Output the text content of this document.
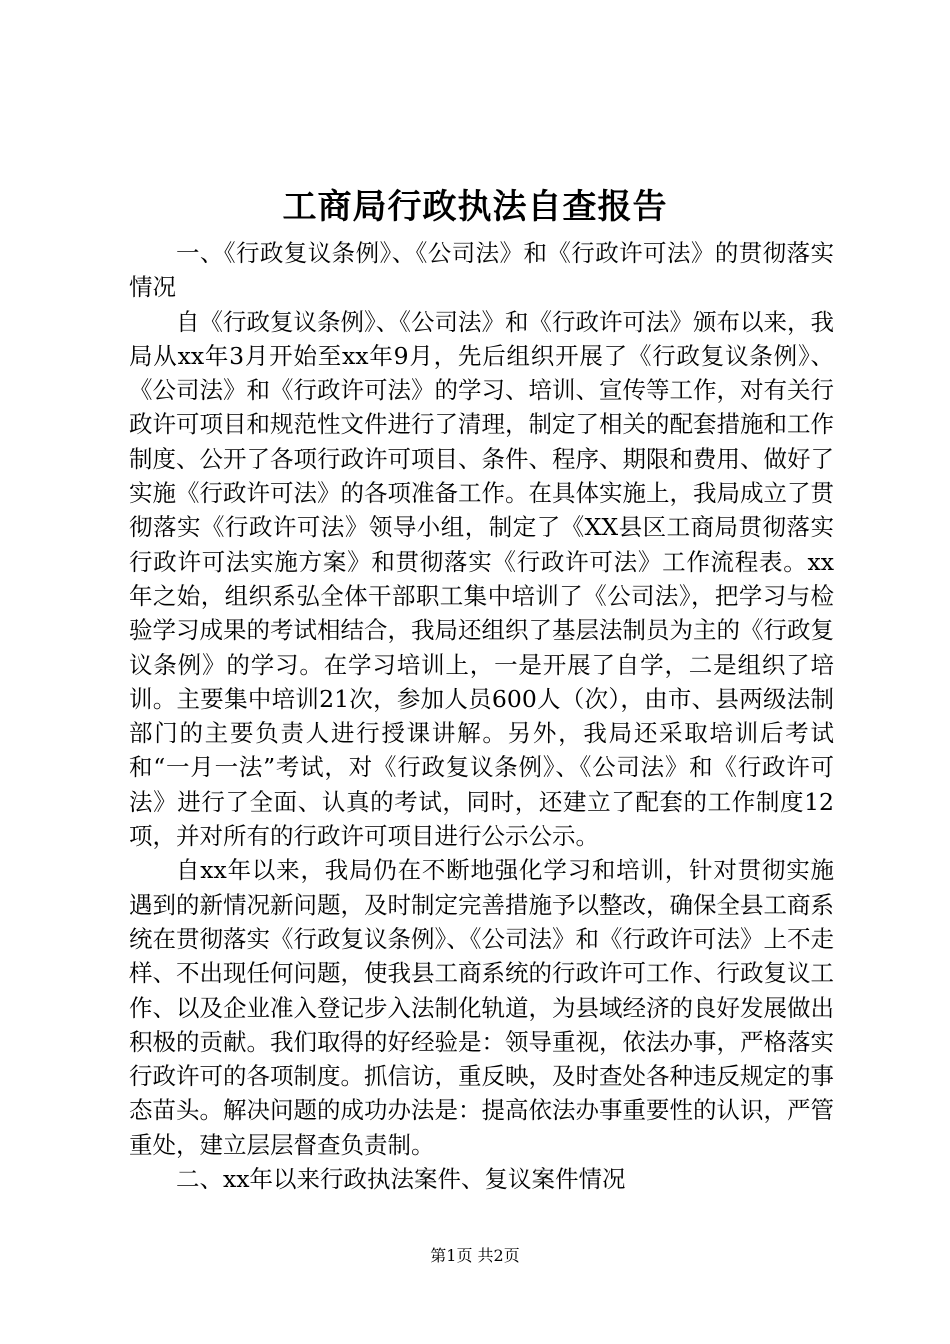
工商局行政执法自查报告

一、《行政复议条例》、《公司法》和《行政许可法》的贯彻落实情况

自《行政复议条例》、《公司法》和《行政许可法》颁布以来，我局从xx年3月开始至xx年9月，先后组织开展了《行政复议条例》、《公司法》和《行政许可法》的学习、培训、宣传等工作，对有关行政许可项目和规范性文件进行了清理，制定了相关的配套措施和工作制度、公开了各项行政许可项目、条件、程序、期限和费用、做好了实施《行政许可法》的各项准备工作。在具体实施上，我局成立了贯彻落实《行政许可法》领导小组，制定了《XX县区工商局贯彻落实行政许可法实施方案》和贯彻落实《行政许可法》工作流程表。xx年之始，组织系弘全体干部职工集中培训了《公司法》，把学习与检验学习成果的考试相结合，我局还组织了基层法制员为主的《行政复议条例》的学习。在学习培训上，一是开展了自学，二是组织了培训。主要集中培训21次，参加人员600人（次），由市、县两级法制部门的主要负责人进行授课讲解。另外，我局还采取培训后考试和“一月一法”考试，对《行政复议条例》、《公司法》和《行政许可法》进行了全面、认真的考试，同时，还建立了配套的工作制度12项，并对所有的行政许可项目进行公示公示。

自xx年以来，我局仍在不断地强化学习和培训，针对贯彻实施遇到的新情况新问题，及时制定完善措施予以整改，确保全县工商系统在贯彻落实《行政复议条例》、《公司法》和《行政许可法》上不走样、不出现任何问题，使我县工商系统的行政许可工作、行政复议工作、以及企业准入登记步入法制化轨道，为县域经济的良好发展做出积极的贡献。我们取得的好经验是：领导重视，依法办事，严格落实行政许可的各项制度。抓信访，重反映，及时查处各种违反规定的事态苗头。解决问题的成功办法是：提高依法办事重要性的认识，严管重处，建立层层督查负责制。

二、xx年以来行政执法案件、复议案件情况

第1页 共2页
